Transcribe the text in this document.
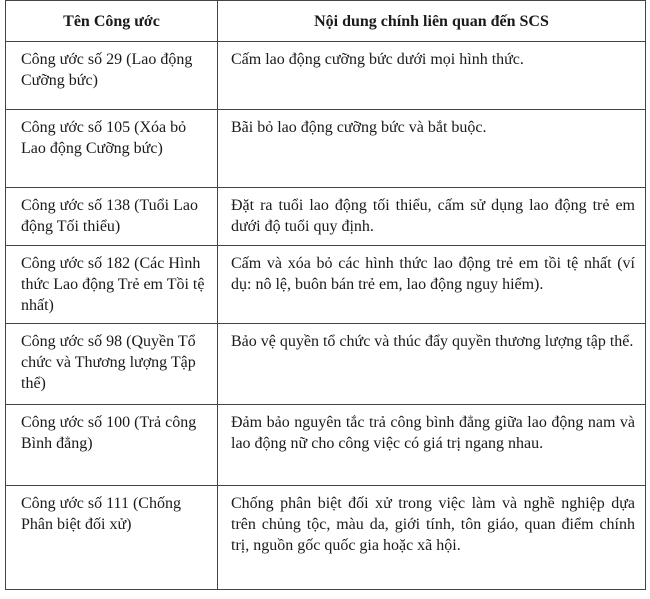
Tên Công ước	Nội dung chính liên quan đến SCS
Công ước số 29 (Lao động Cưỡng bức)	Cấm lao động cưỡng bức dưới mọi hình thức.
Công ước số 105 (Xóa bỏ Lao động Cưỡng bức)	Bãi bỏ lao động cưỡng bức và bắt buộc.
Công ước số 138 (Tuổi Lao động Tối thiểu)	Đặt ra tuổi lao động tối thiểu, cấm sử dụng lao động trẻ em dưới độ tuổi quy định.
Công ước số 182 (Các Hình thức Lao động Trẻ em Tồi tệ nhất)	Cấm và xóa bỏ các hình thức lao động trẻ em tồi tệ nhất (ví dụ: nô lệ, buôn bán trẻ em, lao động nguy hiểm).
Công ước số 98 (Quyền Tổ chức và Thương lượng Tập thể)	Bảo vệ quyền tổ chức và thúc đẩy quyền thương lượng tập thể.
Công ước số 100 (Trả công Bình đẳng)	Đảm bảo nguyên tắc trả công bình đẳng giữa lao động nam và lao động nữ cho công việc có giá trị ngang nhau.
Công ước số 111 (Chống Phân biệt đối xử)	Chống phân biệt đối xử trong việc làm và nghề nghiệp dựa trên chủng tộc, màu da, giới tính, tôn giáo, quan điểm chính trị, nguồn gốc quốc gia hoặc xã hội.
